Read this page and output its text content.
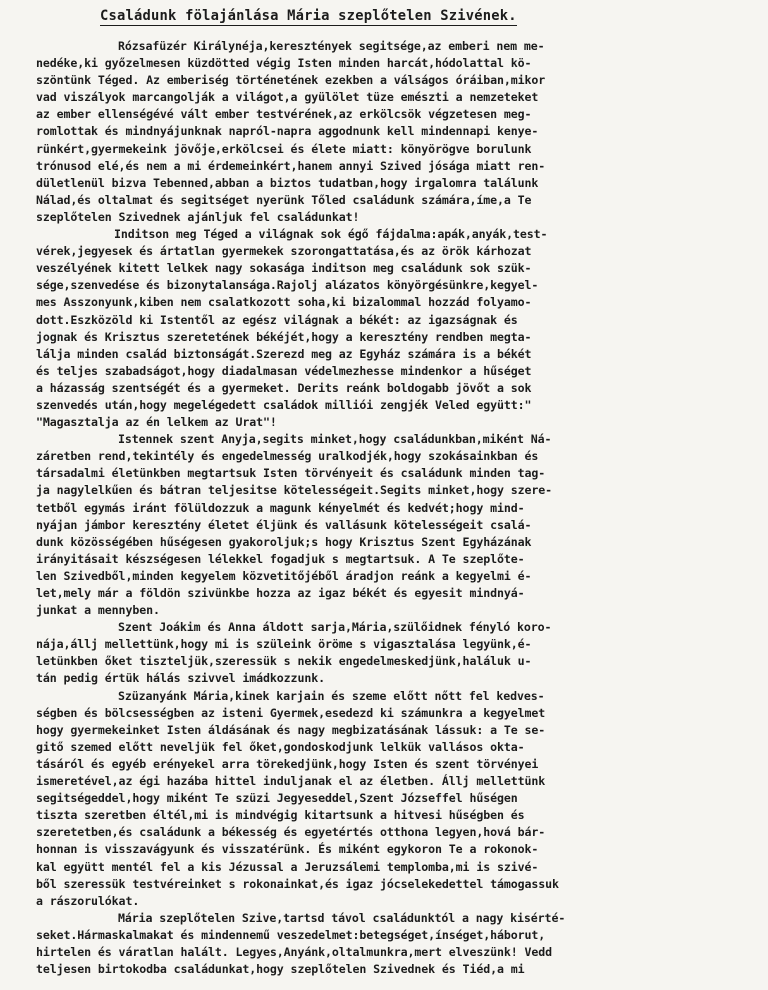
Családunk fölajánlása Mária szeplőtelen Szivének.
Rózsafüzér Királynéja,keresztények segitsége,az emberi nem me-
nedéke,ki győzelmesen küzdötted végig Isten minden harcát,hódolattal kö-
szöntünk Téged. Az emberiség történetének ezekben a válságos óráiban,mikor
vad viszályok marcangolják a világot,a gyülölet tüze emészti a nemzeteket
az ember ellenségévé vált ember testvérének,az erkölcsök végzetesen meg-
romlottak és mindnyájunknak napról-napra aggodnunk kell mindennapi kenye-
rünkért,gyermekeink jövője,erkölcsei és élete miatt: könyörögve borulunk
trónusod elé,és nem a mi érdemeinkért,hanem annyi Szived jósága miatt ren-
dületlenül bizva Tebenned,abban a biztos tudatban,hogy irgalomra találunk
Nálad,és oltalmat és segitséget nyerünk Tőled családunk számára,íme,a Te
szeplőtelen Szivednek ajánljuk fel családunkat!
Inditson meg Téged a világnak sok égő fájdalma:apák,anyák,test-
vérek,jegyesek és ártatlan gyermekek szorongattatása,és az örök kárhozat
veszélyének kitett lelkek nagy sokasága inditson meg családunk sok szük-
sége,szenvedése és bizonytalansága.Rajolj alázatos könyörgésünkre,kegyel-
mes Asszonyunk,kiben nem csalatkozott soha,ki bizalommal hozzád folyamo-
dott.Eszközöld ki Istentől az egész világnak a békét: az igazságnak és
jognak és Krisztus szeretetének békéjét,hogy a keresztény rendben megta-
lálja minden család biztonságát.Szerezd meg az Egyház számára is a békét
és teljes szabadságot,hogy diadalmasan védelmezhesse mindenkor a hűséget
a házasság szentségét és a gyermeket. Derits reánk boldogabb jövőt a sok
szenvedés után,hogy megelégedett családok milliói zengjék Veled együtt:"
"Magasztalja az én lelkem az Urat"!
Istennek szent Anyja,segits minket,hogy családunkban,miként Ná-
záretben rend,tekintély és engedelmesség uralkodjék,hogy szokásainkban és
társadalmi életünkben megtartsuk Isten törvényeit és családunk minden tag-
ja nagylelkűen és bátran teljesitse kötelességeit.Segits minket,hogy szere-
tetből egymás iránt fölüldozzuk a magunk kényelmét és kedvét;hogy mind-
nyájan jámbor keresztény életet éljünk és vallásunk kötelességeit csalá-
dunk közösségében hűségesen gyakoroljuk;s hogy Krisztus Szent Egyházának
irányitásait készségesen lélekkel fogadjuk s megtartsuk. A Te szeplőte-
len Szivedből,minden kegyelem közvetitőjéből áradjon reánk a kegyelmi é-
let,mely már a földön szivünkbe hozza az igaz békét és egyesit mindnyá-
junkat a mennyben.
Szent Joákim és Anna áldott sarja,Mária,szülőidnek fényló koro-
nája,állj mellettünk,hogy mi is szüleink öröme s vigasztalása legyünk,é-
letünkben őket tiszteljük,szeressük s nekik engedelmeskedjünk,haláluk u-
tán pedig értük hálás szivvel imádkozzunk.
Szüzanyánk Mária,kinek karjain és szeme előtt nőtt fel kedves-
ségben és bölcsességben az isteni Gyermek,esedezd ki számunkra a kegyelmet
hogy gyermekeinket Isten áldásának és nagy megbizatásának lássuk: a Te se-
gitő szemed előtt neveljük fel őket,gondoskodjunk lelkük vallásos okta-
tásáról és egyéb erényekel arra törekedjünk,hogy Isten és szent törvényei
ismeretével,az égi hazába hittel induljanak el az életben. Állj mellettünk
segitségeddel,hogy miként Te szüzi Jegyeseddel,Szent Józseffel hűségen
tiszta szeretben éltél,mi is mindvégig kitartsunk a hitvesi hűségben és
szeretetben,és családunk a békesség és egyetértés otthona legyen,hová bár-
honnan is visszavágyunk és visszatérünk. És miként egykoron Te a rokonok-
kal együtt mentél fel a kis Jézussal a Jeruzsálemi templomba,mi is szivé-
ből szeressük testvéreinket s rokonainkat,és igaz jócselekedettel támogassuk
a rászorulókat.
Mária szeplőtelen Szive,tartsd távol családunktól a nagy kisérté-
seket.Hármaskalmakat és mindennemű veszedelmet:betegséget,ínséget,háborut,
hirtelen és váratlan halált. Legyes,Anyánk,oltalmunkra,mert elveszünk! Vedd
teljesen birtokodba családunkat,hogy szeplőtelen Szivednek és Tiéd,a mi
